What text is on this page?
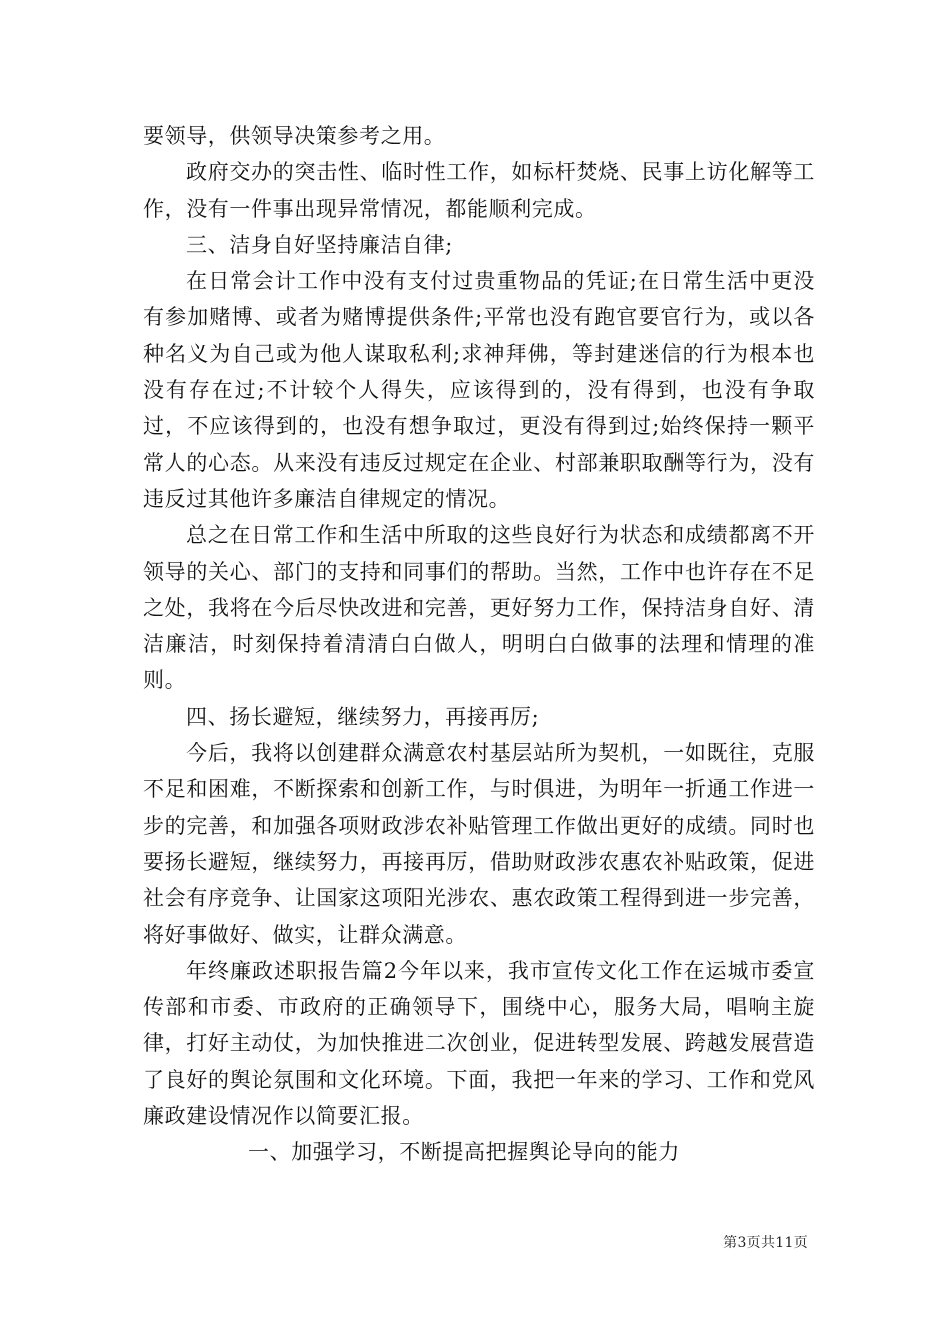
要领导，供领导决策参考之用。

政府交办的突击性、临时性工作，如标杆焚烧、民事上访化解等工作，没有一件事出现异常情况，都能顺利完成。

三、洁身自好坚持廉洁自律;

在日常会计工作中没有支付过贵重物品的凭证;在日常生活中更没有参加赌博、或者为赌博提供条件;平常也没有跑官要官行为，或以各种名义为自己或为他人谋取私利;求神拜佛，等封建迷信的行为根本也没有存在过;不计较个人得失，应该得到的，没有得到，也没有争取过，不应该得到的，也没有想争取过，更没有得到过;始终保持一颗平常人的心态。从来没有违反过规定在企业、村部兼职取酬等行为，没有违反过其他许多廉洁自律规定的情况。

总之在日常工作和生活中所取的这些良好行为状态和成绩都离不开领导的关心、部门的支持和同事们的帮助。当然，工作中也许存在不足之处，我将在今后尽快改进和完善，更好努力工作，保持洁身自好、清洁廉洁，时刻保持着清清白白做人，明明白白做事的法理和情理的准则。

四、扬长避短，继续努力，再接再厉;

今后，我将以创建群众满意农村基层站所为契机，一如既往，克服不足和困难，不断探索和创新工作，与时俱进，为明年一折通工作进一步的完善，和加强各项财政涉农补贴管理工作做出更好的成绩。同时也要扬长避短，继续努力，再接再厉，借助财政涉农惠农补贴政策，促进社会有序竞争、让国家这项阳光涉农、惠农政策工程得到进一步完善，将好事做好、做实，让群众满意。

年终廉政述职报告篇2今年以来，我市宣传文化工作在运城市委宣传部和市委、市政府的正确领导下，围绕中心，服务大局，唱响主旋律，打好主动仗，为加快推进二次创业，促进转型发展、跨越发展营造了良好的舆论氛围和文化环境。下面，我把一年来的学习、工作和党风廉政建设情况作以简要汇报。

一、加强学习，不断提高把握舆论导向的能力

第3页共11页
